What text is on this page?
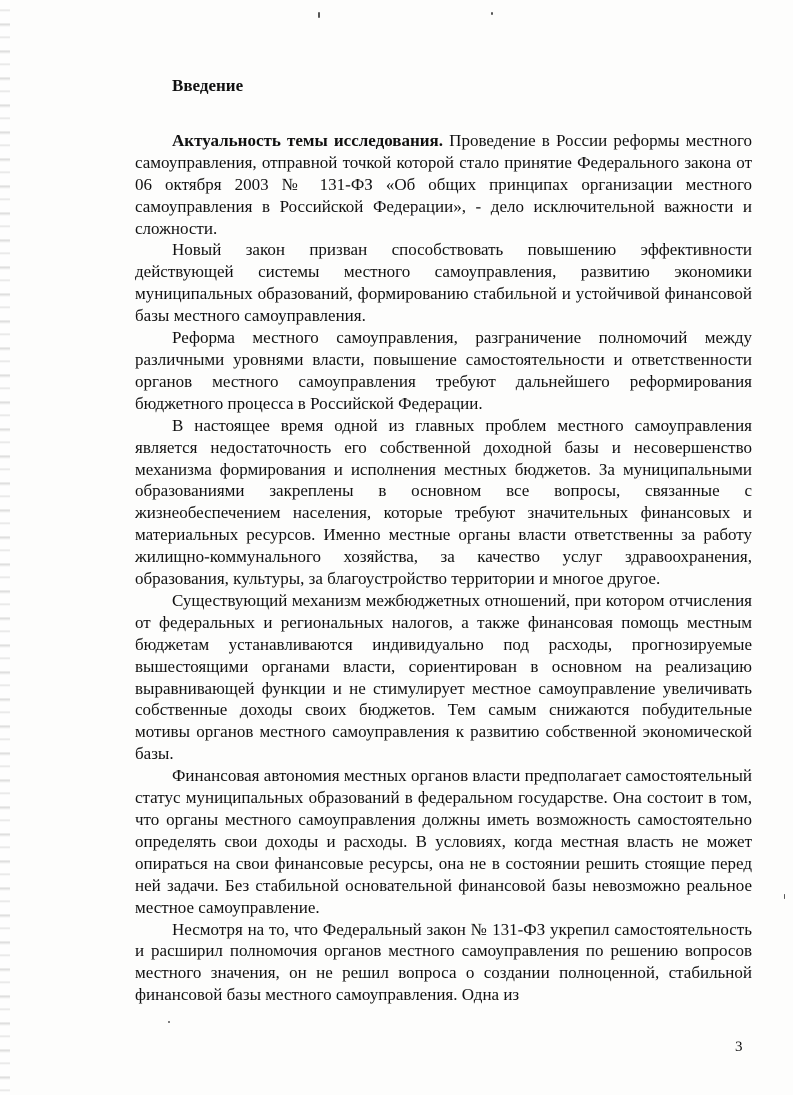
Введение

Актуальность темы исследования. Проведение в России реформы местного самоуправления, отправной точкой которой стало принятие Федерального закона от 06 октября 2003 № 131-ФЗ «Об общих принципах организации местного самоуправления в Российской Федерации», - дело исключительной важности и сложности.

Новый закон призван способствовать повышению эффективности действующей системы местного самоуправления, развитию экономики муниципальных образований, формированию стабильной и устойчивой финансовой базы местного самоуправления.

Реформа местного самоуправления, разграничение полномочий между различными уровнями власти, повышение самостоятельности и ответственности органов местного самоуправления требуют дальнейшего реформирования бюджетного процесса в Российской Федерации.

В настоящее время одной из главных проблем местного самоуправления является недостаточность его собственной доходной базы и несовершенство механизма формирования и исполнения местных бюджетов. За муниципальными образованиями закреплены в основном все вопросы, связанные с жизнеобеспечением населения, которые требуют значительных финансовых и материальных ресурсов. Именно местные органы власти ответственны за работу жилищно-коммунального хозяйства, за качество услуг здравоохранения, образования, культуры, за благоустройство территории и многое другое.

Существующий механизм межбюджетных отношений, при котором отчисления от федеральных и региональных налогов, а также финансовая помощь местным бюджетам устанавливаются индивидуально под расходы, прогнозируемые вышестоящими органами власти, сориентирован в основном на реализацию выравнивающей функции и не стимулирует местное самоуправление увеличивать собственные доходы своих бюджетов. Тем самым снижаются побудительные мотивы органов местного самоуправления к развитию собственной экономической базы.

Финансовая автономия местных органов власти предполагает самостоятельный статус муниципальных образований в федеральном государстве. Она состоит в том, что органы местного самоуправления должны иметь возможность самостоятельно определять свои доходы и расходы. В условиях, когда местная власть не может опираться на свои финансовые ресурсы, она не в состоянии решить стоящие перед ней задачи. Без стабильной основательной финансовой базы невозможно реальное местное самоуправление.

Несмотря на то, что Федеральный закон № 131-ФЗ укрепил самостоятельность и расширил полномочия органов местного самоуправления по решению вопросов местного значения, он не решил вопроса о создании полноценной, стабильной финансовой базы местного самоуправления. Одна из

3
